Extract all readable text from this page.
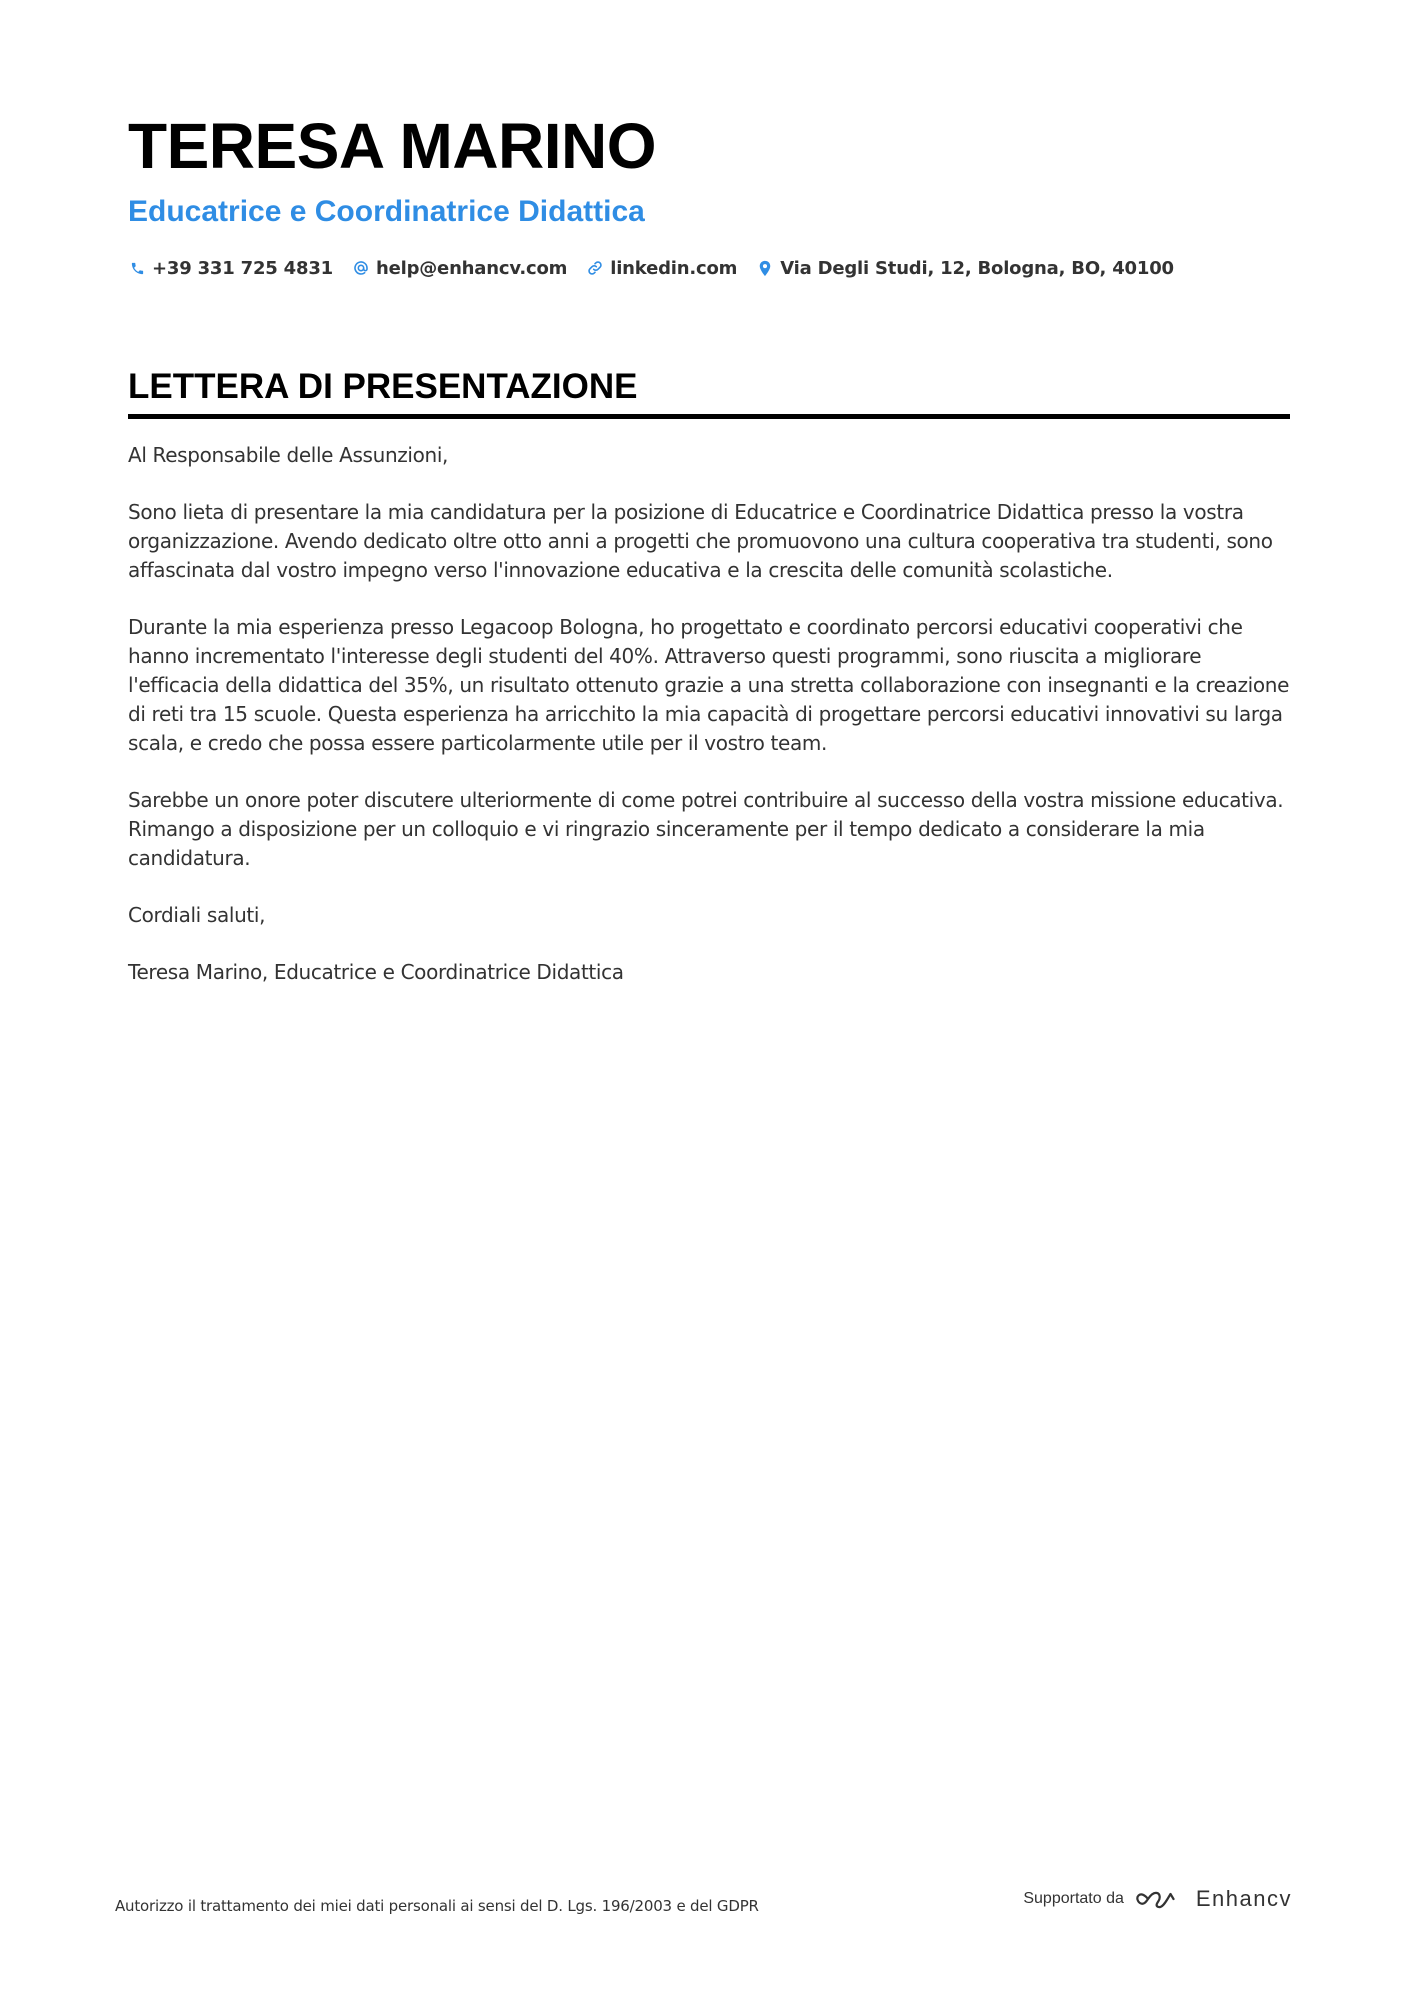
TERESA MARINO
Educatrice e Coordinatrice Didattica
+39 331 725 4831 help@enhancv.com linkedin.com Via Degli Studi, 12, Bologna, BO, 40100
LETTERA DI PRESENTAZIONE

Al Responsabile delle Assunzioni,

Sono lieta di presentare la mia candidatura per la posizione di Educatrice e Coordinatrice Didattica presso la vostra organizzazione. Avendo dedicato oltre otto anni a progetti che promuovono una cultura cooperativa tra studenti, sono affascinata dal vostro impegno verso l'innovazione educativa e la crescita delle comunità scolastiche.

Durante la mia esperienza presso Legacoop Bologna, ho progettato e coordinato percorsi educativi cooperativi che hanno incrementato l'interesse degli studenti del 40%. Attraverso questi programmi, sono riuscita a migliorare l'efficacia della didattica del 35%, un risultato ottenuto grazie a una stretta collaborazione con insegnanti e la creazione di reti tra 15 scuole. Questa esperienza ha arricchito la mia capacità di progettare percorsi educativi innovativi su larga scala, e credo che possa essere particolarmente utile per il vostro team.

Sarebbe un onore poter discutere ulteriormente di come potrei contribuire al successo della vostra missione educativa. Rimango a disposizione per un colloquio e vi ringrazio sinceramente per il tempo dedicato a considerare la mia candidatura.

Cordiali saluti,

Teresa Marino, Educatrice e Coordinatrice Didattica

Autorizzo il trattamento dei miei dati personali ai sensi del D. Lgs. 196/2003 e del GDPR	Supportato da	Enhancv
